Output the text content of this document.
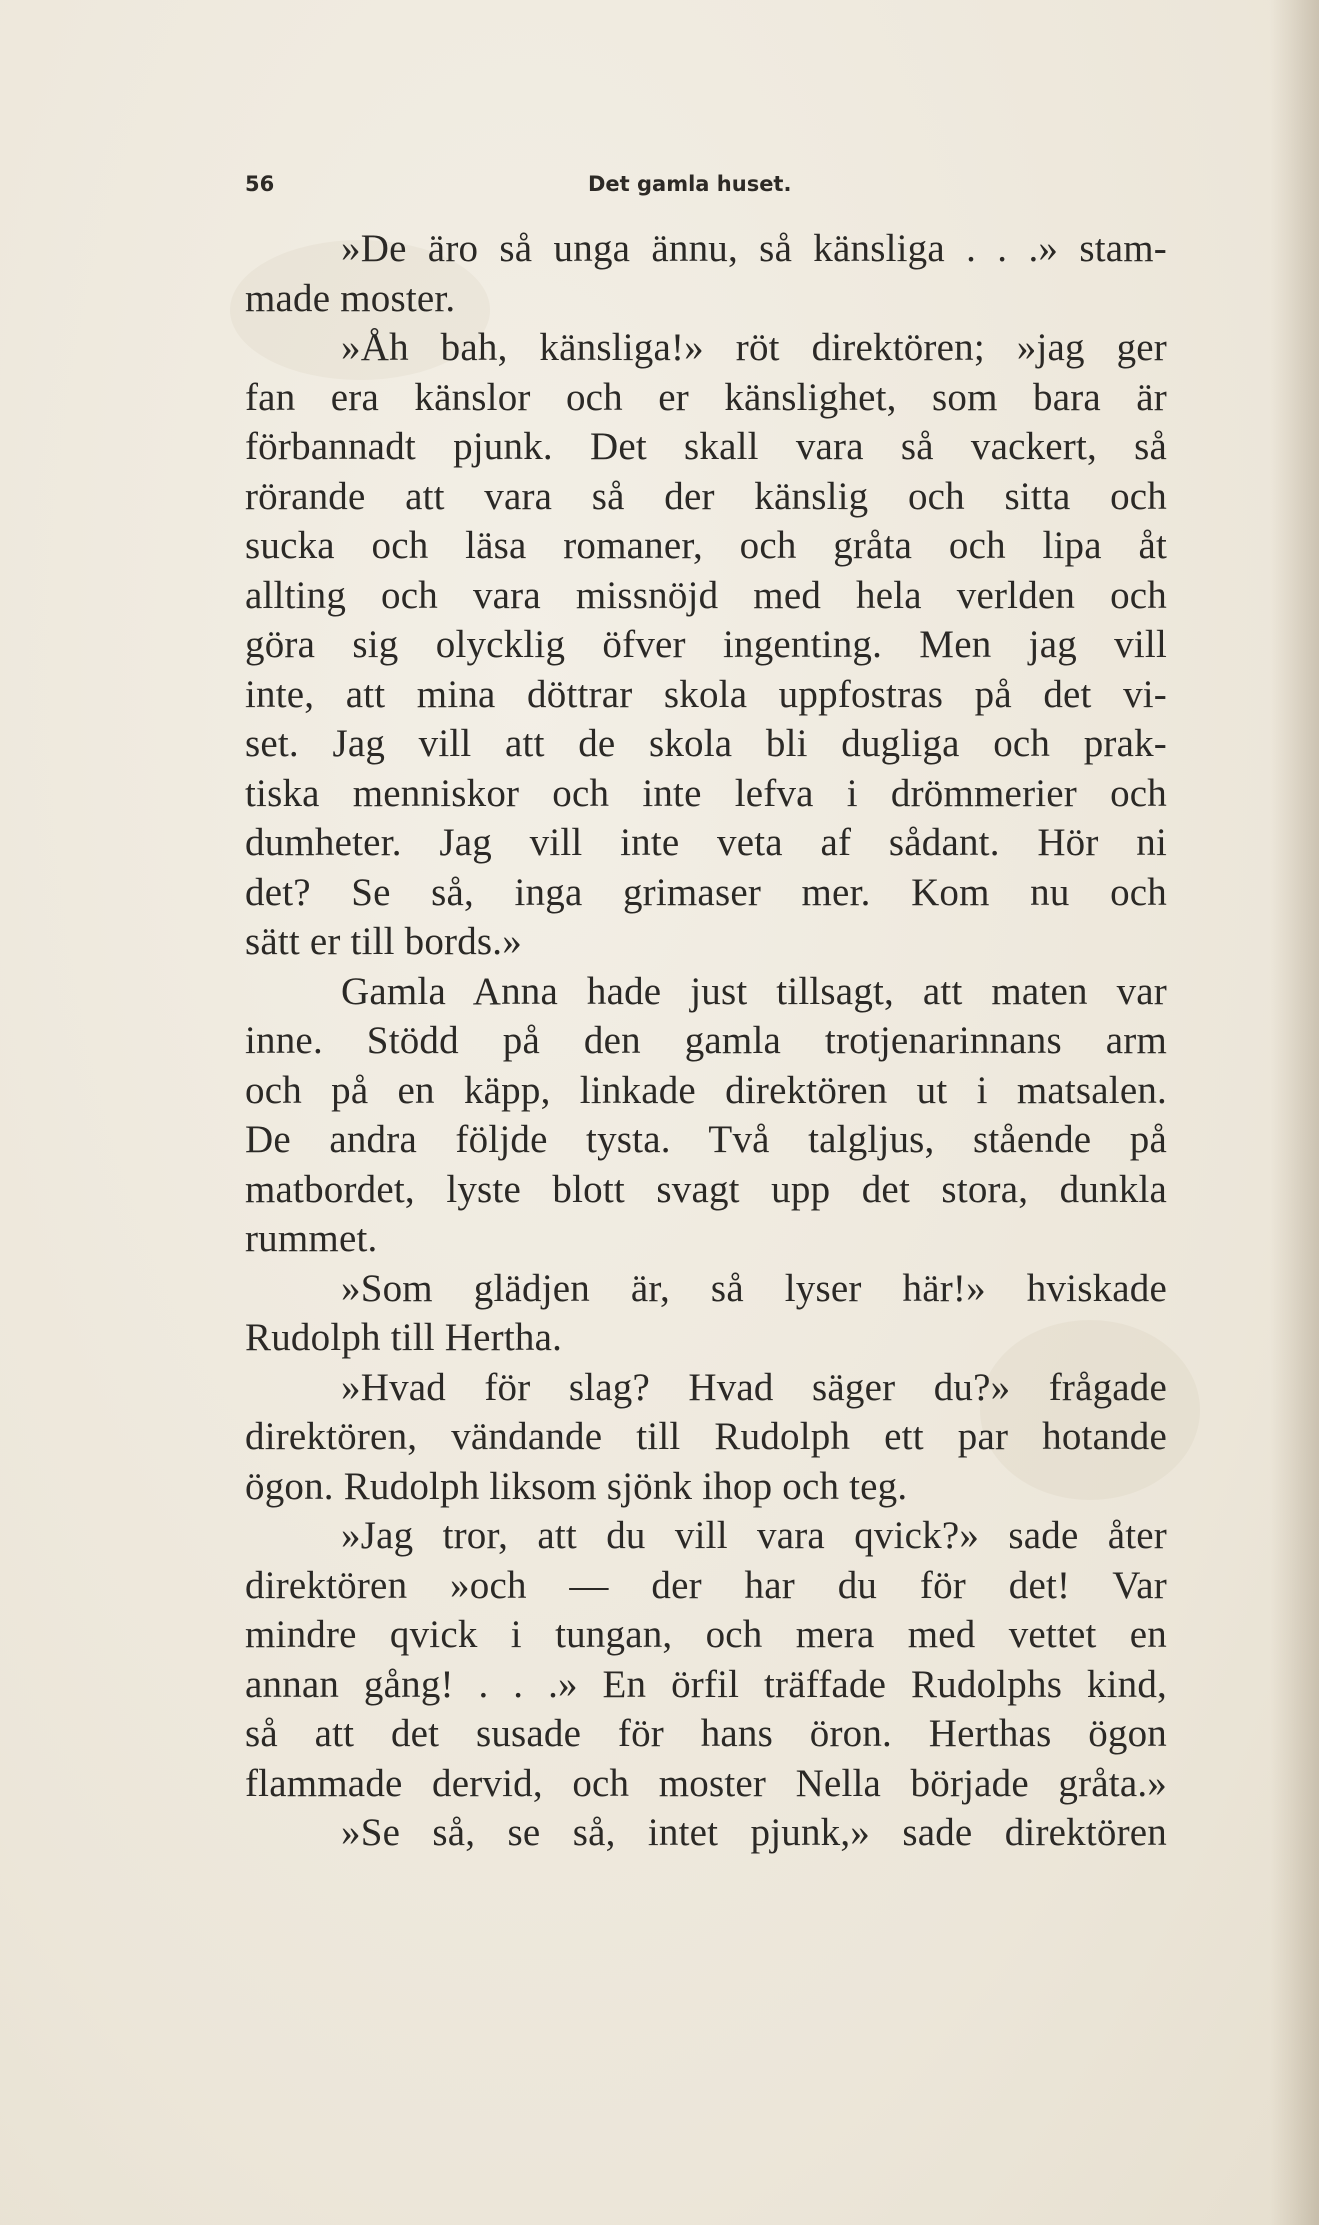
56	Det gamla huset.
»De äro så unga ännu, så känsliga . . .» stam-
made moster.
»Åh bah, känsliga!» röt direktören; »jag ger
fan era känslor och er känslighet, som bara är
förbannadt pjunk. Det skall vara så vackert, så
rörande att vara så der känslig och sitta och
sucka och läsa romaner, och gråta och lipa åt
allting och vara missnöjd med hela verlden och
göra sig olycklig öfver ingenting. Men jag vill
inte, att mina döttrar skola uppfostras på det vi-
set. Jag vill att de skola bli dugliga och prak-
tiska menniskor och inte lefva i drömmerier och
dumheter. Jag vill inte veta af sådant. Hör ni
det? Se så, inga grimaser mer. Kom nu och
sätt er till bords.»
Gamla Anna hade just tillsagt, att maten var
inne. Stödd på den gamla trotjenarinnans arm
och på en käpp, linkade direktören ut i matsalen.
De andra följde tysta. Två talgljus, stående på
matbordet, lyste blott svagt upp det stora, dunkla
rummet.
»Som glädjen är, så lyser här!» hviskade
Rudolph till Hertha.
»Hvad för slag? Hvad säger du?» frågade
direktören, vändande till Rudolph ett par hotande
ögon. Rudolph liksom sjönk ihop och teg.
»Jag tror, att du vill vara qvick?» sade åter
direktören »och — der har du för det! Var
mindre qvick i tungan, och mera med vettet en
annan gång! . . .» En örfil träffade Rudolphs kind,
så att det susade för hans öron. Herthas ögon
flammade dervid, och moster Nella började gråta.»
»Se så, se så, intet pjunk,» sade direktören
